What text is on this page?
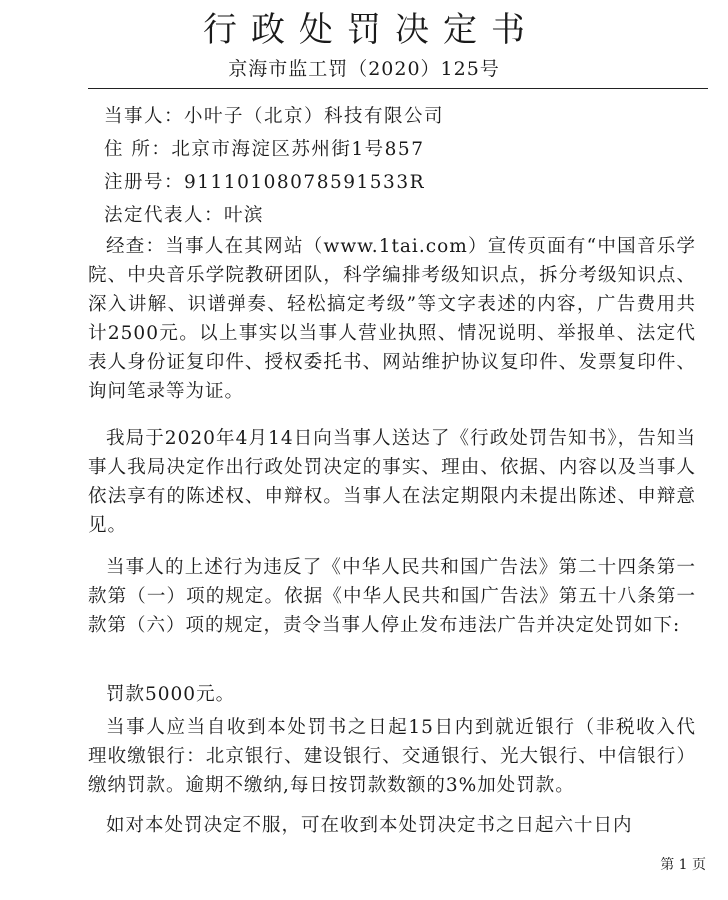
行政处罚决定书
京海市监工罚（2020）125号
当事人：小叶子（北京）科技有限公司
住 所：北京市海淀区苏州街1号857
注册号：91110108078591533R
法定代表人：叶滨

经查：当事人在其网站（www.1tai.com）宣传页面有“中国音乐学院、中央音乐学院教研团队，科学编排考级知识点，拆分考级知识点、深入讲解、识谱弹奏、轻松搞定考级”等文字表述的内容，广告费用共计2500元。以上事实以当事人营业执照、情况说明、举报单、法定代表人身份证复印件、授权委托书、网站维护协议复印件、发票复印件、询问笔录等为证。

我局于2020年4月14日向当事人送达了《行政处罚告知书》，告知当事人我局决定作出行政处罚决定的事实、理由、依据、内容以及当事人依法享有的陈述权、申辩权。当事人在法定期限内未提出陈述、申辩意见。

当事人的上述行为违反了《中华人民共和国广告法》第二十四条第一款第（一）项的规定。依据《中华人民共和国广告法》第五十八条第一款第（六）项的规定，责令当事人停止发布违法广告并决定处罚如下:

罚款5000元。

当事人应当自收到本处罚书之日起15日内到就近银行（非税收入代理收缴银行：北京银行、建设银行、交通银行、光大银行、中信银行）缴纳罚款。逾期不缴纳,每日按罚款数额的3%加处罚款。

如对本处罚决定不服，可在收到本处罚决定书之日起六十日内

第 1 页
